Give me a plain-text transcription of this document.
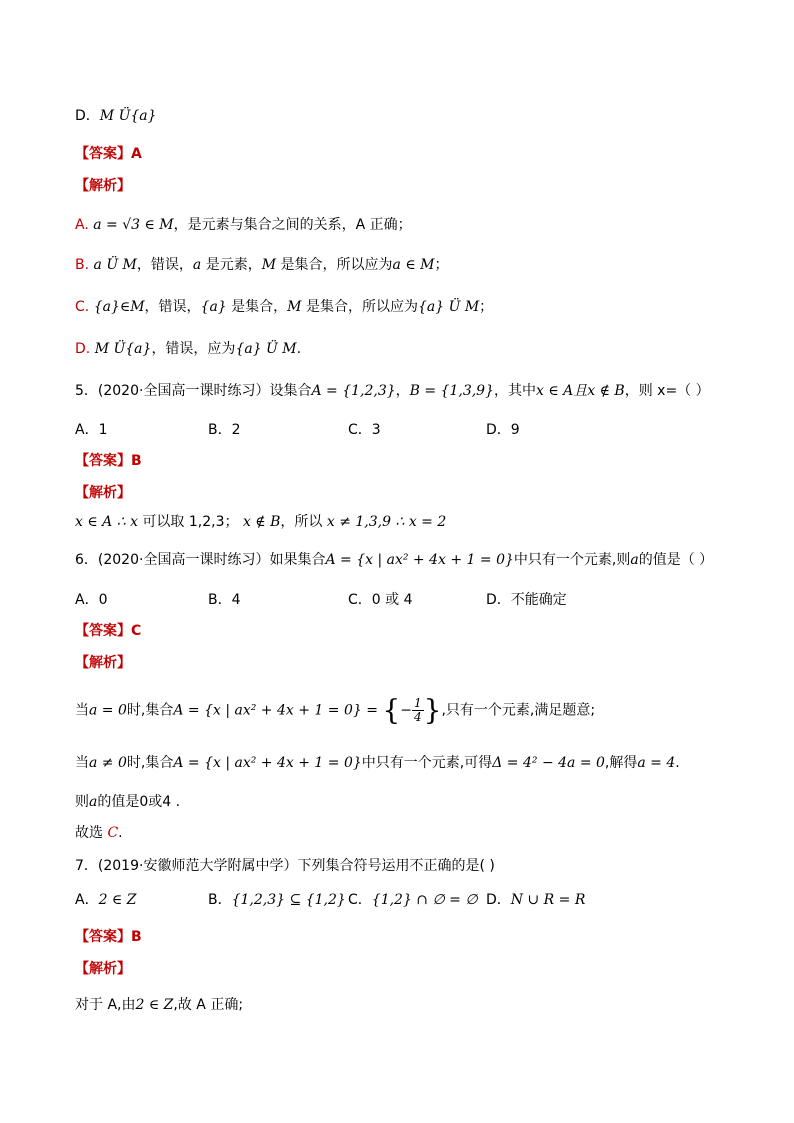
D．M Ü{a}
【答案】A
【解析】
A. a = √3 ∈ M，是元素与集合之间的关系，A 正确；
B. a Ü M，错误，a 是元素，M 是集合，所以应为a ∈ M；
C. {a}∈M，错误，{a} 是集合，M 是集合，所以应为{a} Ü M；
D. M Ü{a}，错误，应为{a} Ü M.
5．(2020·全国高一课时练习）设集合A = {1,2,3}，B = {1,3,9}，其中x ∈ A且x ∉ B，则 x=（ ）
【答案】B
【解析】
x ∈ A ∴ x 可以取 1,2,3； x ∉ B，所以 x ≠ 1,3,9 ∴ x = 2
6．(2020·全国高一课时练习）如果集合A = {x | ax² + 4x + 1 = 0}中只有一个元素,则a的值是（ ）
【答案】C
【解析】
当a ≠ 0时,集合A = {x | ax² + 4x + 1 = 0}中只有一个元素,可得Δ = 4² − 4a = 0,解得a = 4.
则a的值是0或4 .
故选 C.
7．(2019·安徽师范大学附属中学）下列集合符号运用不正确的是( )
【答案】B
【解析】
对于 A,由2 ∈ Z,故 A 正确;
A．1	B．2	C．3	D．9
A．0	B．4	C．0 或 4	D．不能确定
A．2 ∈ Z	B．{1,2,3} ⊆ {1,2} C．{1,2} ∩ ∅ = ∅ D．N ∪ R = R
当a = 0时,集合A = {x | ax² + 4x + 1 = 0} = {− $\frac{1}{4}$ },只有一个元素,满足题意;
